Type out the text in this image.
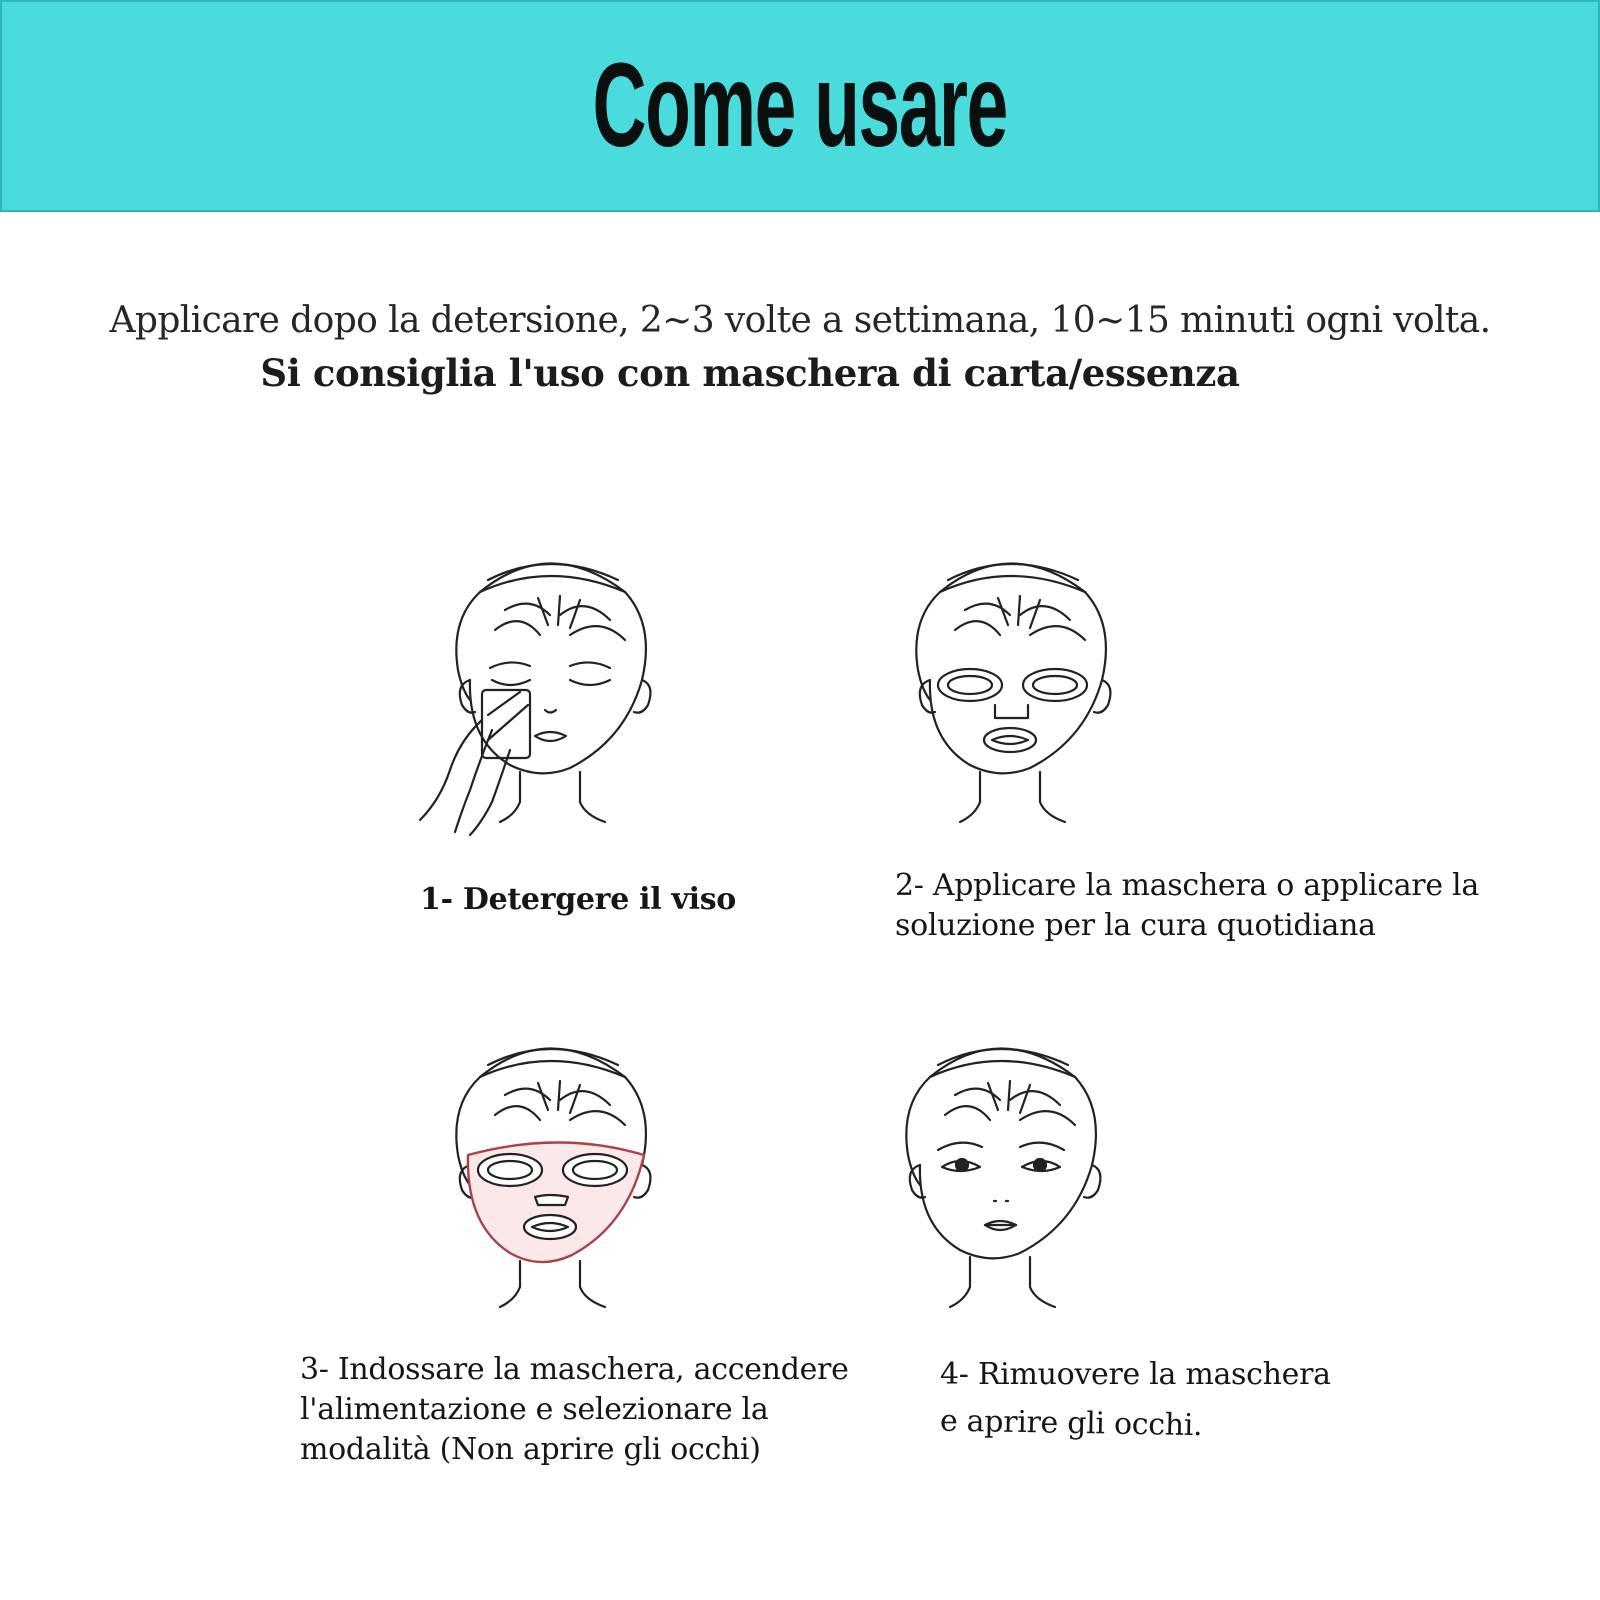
Come usare
Applicare dopo la detersione, 2~3 volte a settimana, 10~15 minuti ogni volta.
Si consiglia l'uso con maschera di carta/essenza
1- Detergere il viso	2- Applicare la maschera o applicare la
soluzione per la cura quotidiana
3- Indossare la maschera, accendere
l'alimentazione e selezionare la
modalità (Non aprire gli occhi)
4- Rimuovere la maschera
e aprire gli occhi.
